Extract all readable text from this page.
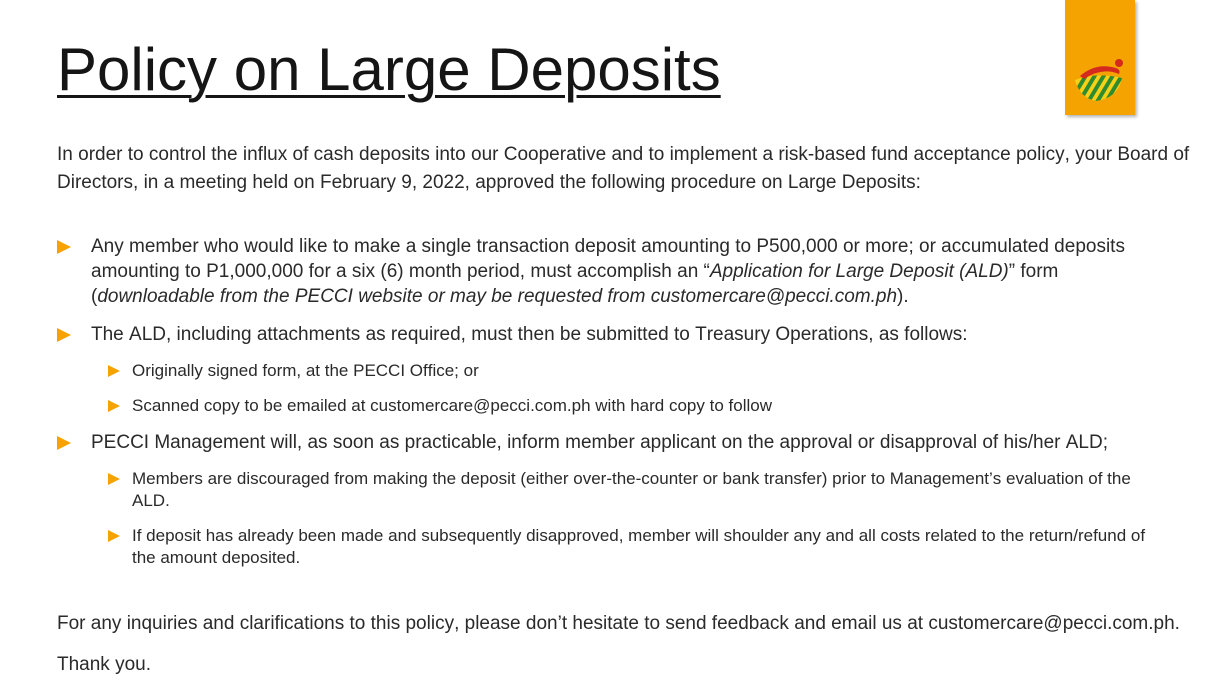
Policy on Large Deposits

In order to control the influx of cash deposits into our Cooperative and to implement a risk-based fund acceptance policy, your Board of Directors, in a meeting held on February 9, 2022, approved the following procedure on Large Deposits:

Any member who would like to make a single transaction deposit amounting to P500,000 or more; or accumulated deposits amounting to P1,000,000 for a six (6) month period, must accomplish an “Application for Large Deposit (ALD)” form (downloadable from the PECCI website or may be requested from customercare@pecci.com.ph).
The ALD, including attachments as required, must then be submitted to Treasury Operations, as follows:
Originally signed form, at the PECCI Office; or
Scanned copy to be emailed at customercare@pecci.com.ph with hard copy to follow
PECCI Management will, as soon as practicable, inform member applicant on the approval or disapproval of his/her ALD;
Members are discouraged from making the deposit (either over-the-counter or bank transfer) prior to Management’s evaluation of the ALD.
If deposit has already been made and subsequently disapproved, member will shoulder any and all costs related to the return/refund of the amount deposited.

For any inquiries and clarifications to this policy, please don’t hesitate to send feedback and email us at customercare@pecci.com.ph.

Thank you.
